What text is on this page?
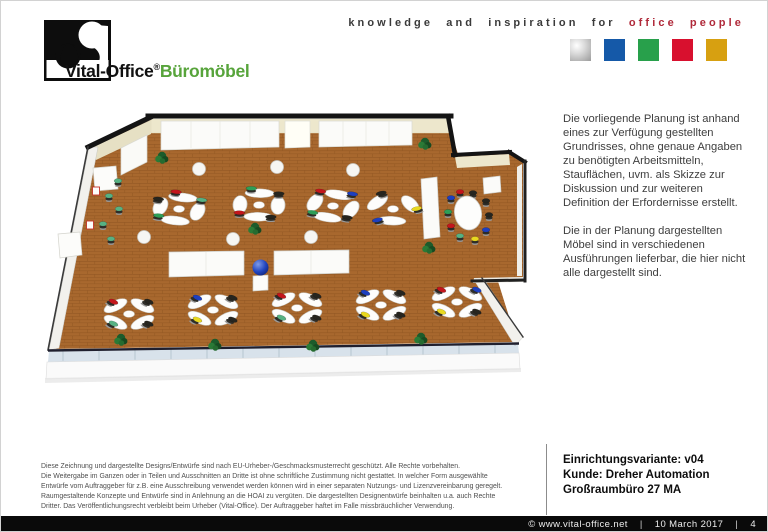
Vital-Office®Büromöbel
knowledge and inspiration for office people

Die vorliegende Planung ist anhand eines zur Verfügung gestellten Grundrisses, ohne genaue Angaben zu benötigten Arbeitsmitteln, Stauflächen, uvm. als Skizze zur Diskussion und zur weiteren Definition der Erfordernisse erstellt.

Die in der Planung dargestellten Möbel sind in verschiedenen Ausführungen lieferbar, die hier nicht alle dargestellt sind.

Diese Zeichnung und dargestellte Designs/Entwürfe sind nach EU-Urheber-/Geschmacksmusterrecht geschützt. Alle Rechte vorbehalten.
Die Weitergabe im Ganzen oder in Teilen und Ausschnitten an Dritte ist ohne schriftliche Zustimmung nicht gestattet. In welcher Form ausgewählte
Entwürfe vom Auftraggeber für z.B. eine Ausschreibung verwendet werden können wird in einer separaten Nutzungs- und Lizenzvereinbarung geregelt.
Raumgestaltende Konzepte und Entwürfe sind in Anlehnung an die HOAI zu vergüten. Die dargestellten Designentwürfe beinhalten u.a. auch Rechte
Dritter. Das Veröffentlichungsrecht verbleibt beim Urheber (Vital-Office). Der Auftraggeber haftet im Falle missbräuchlicher Verwendung.
Einrichtungsvariante: v04
Kunde: Dreher Automation
Großraumbüro 27 MA
© www.vital-office.net | 10 March 2017 | 4
